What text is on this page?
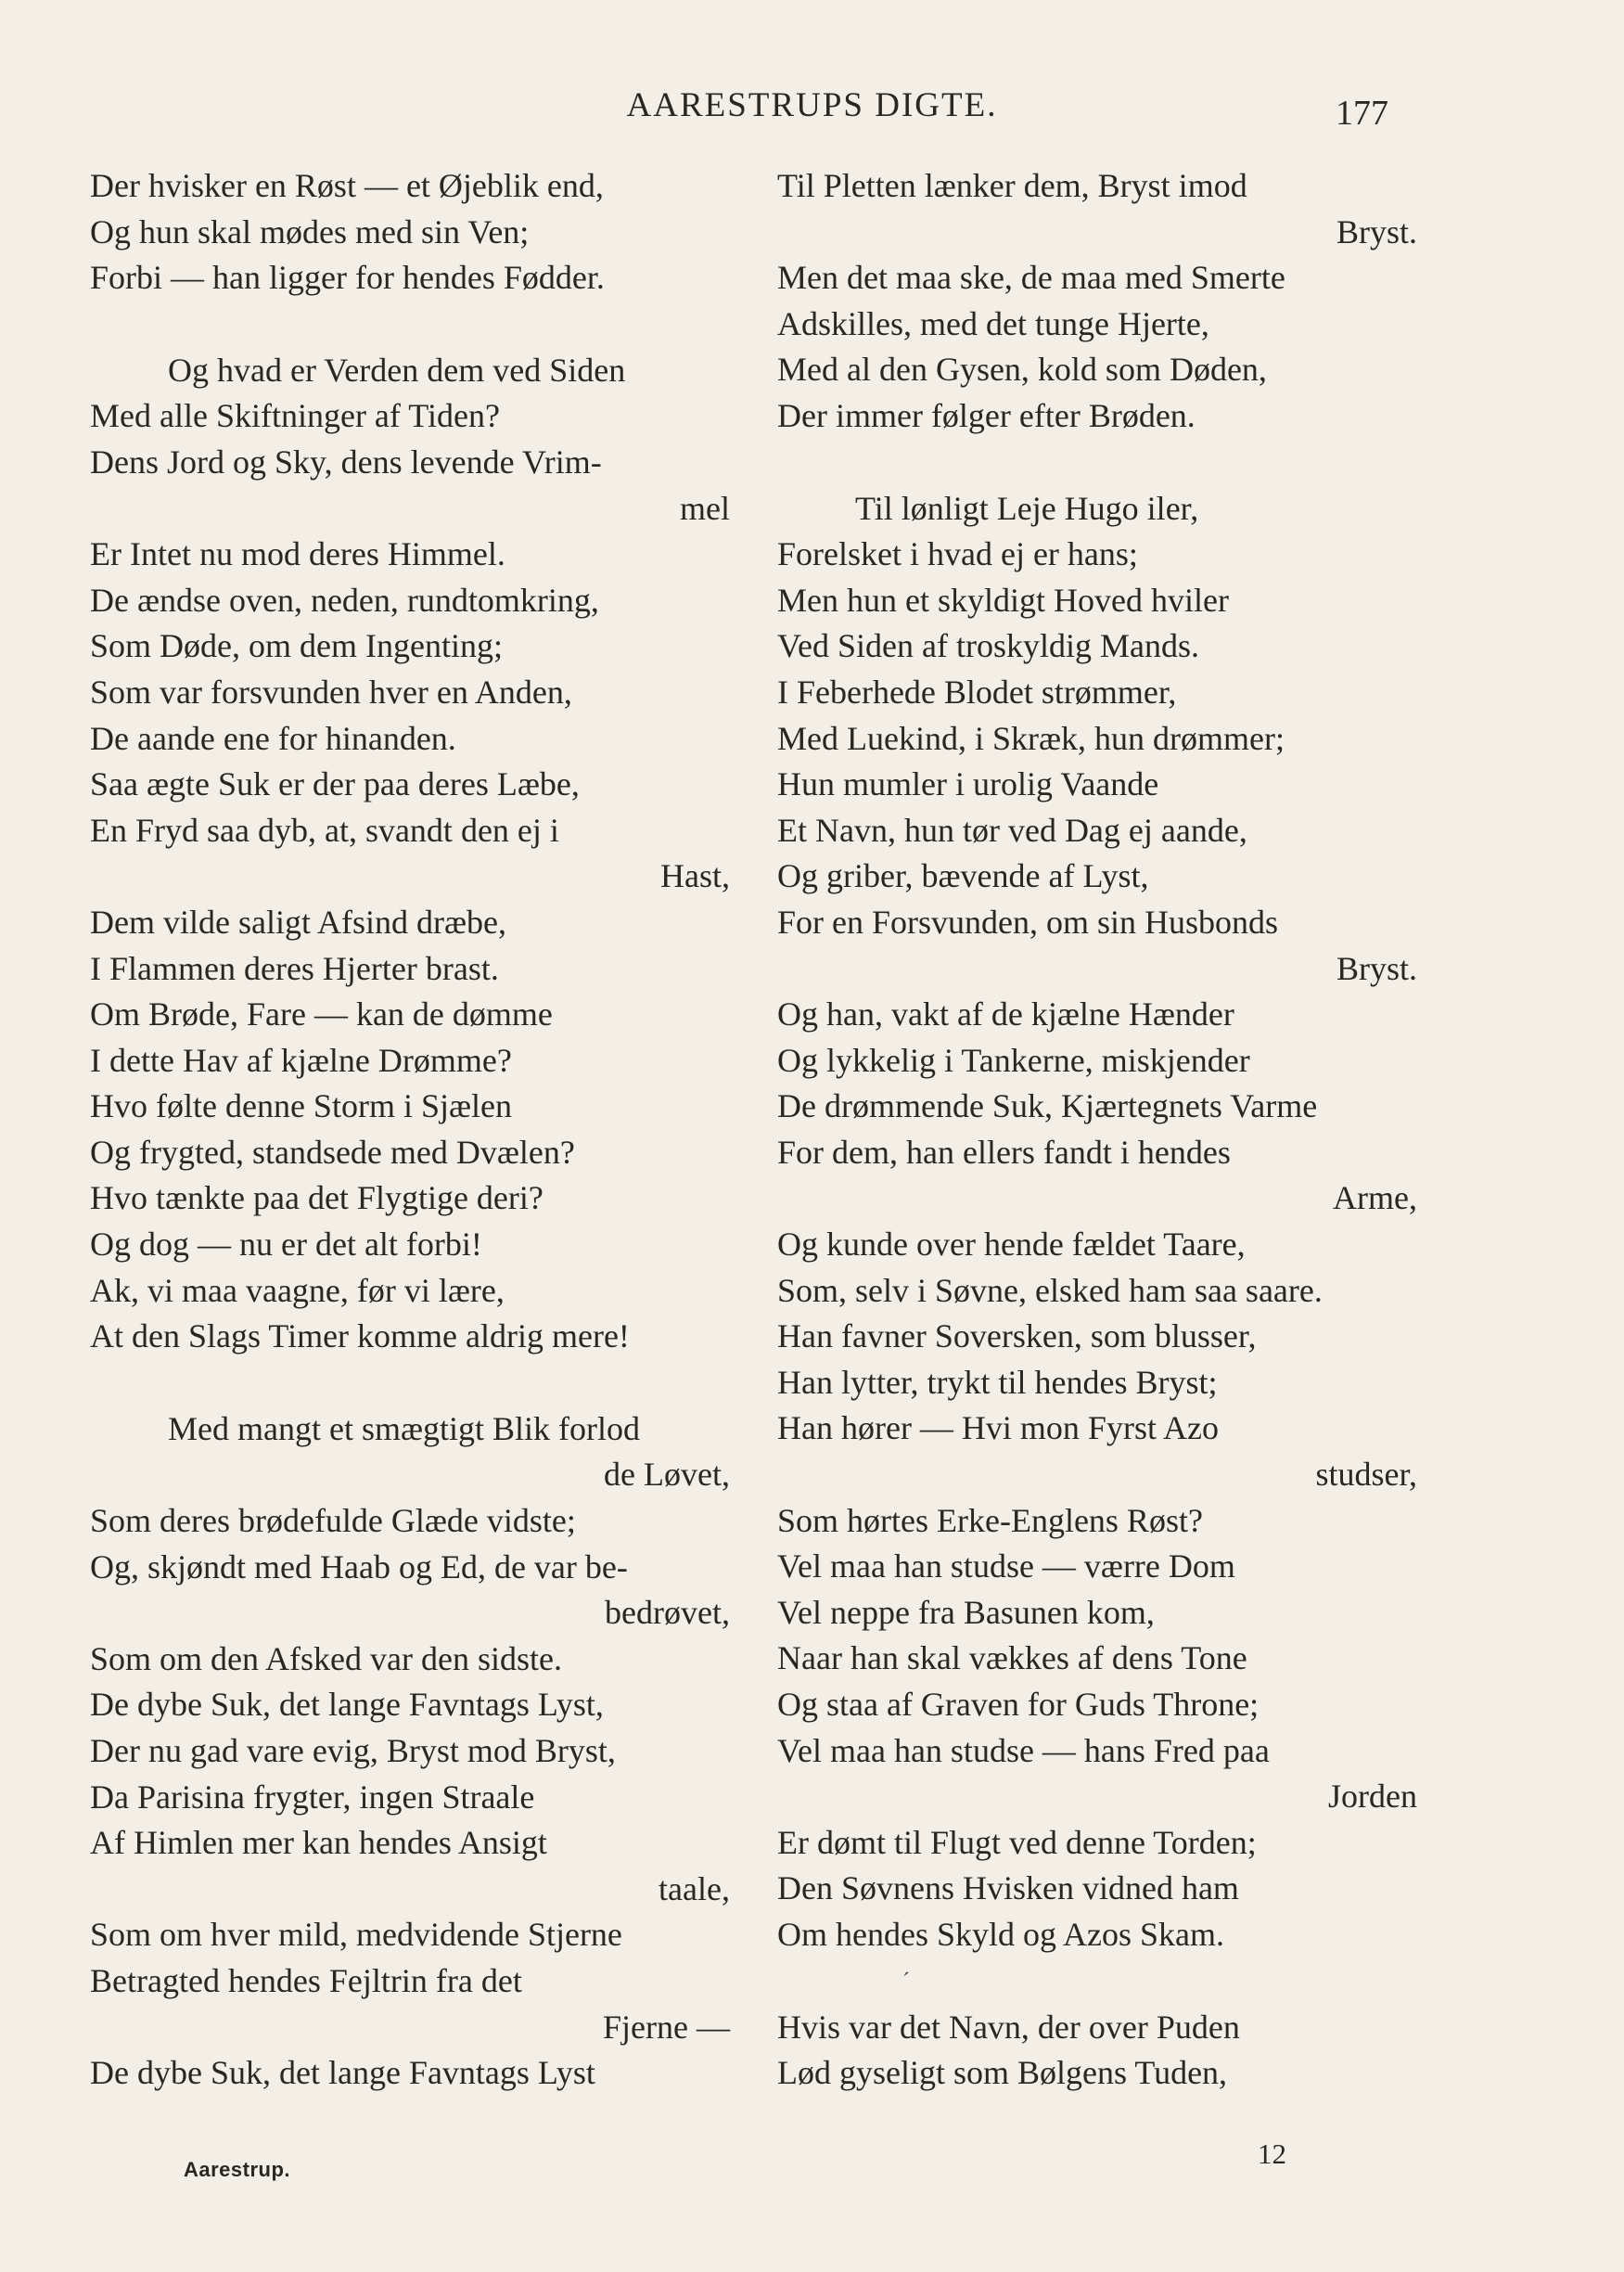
AARESTRUPS DIGTE.	177
Der hvisker en Røst — et Øjeblik end,
Og hun skal mødes med sin Ven;
Forbi — han ligger for hendes Fødder.
Og hvad er Verden dem ved Siden
Med alle Skiftninger af Tiden?
Dens Jord og Sky, dens levende Vrim-
mel
Er Intet nu mod deres Himmel.
De ændse oven, neden, rundtomkring,
Som Døde, om dem Ingenting;
Som var forsvunden hver en Anden,
De aande ene for hinanden.
Saa ægte Suk er der paa deres Læbe,
En Fryd saa dyb, at, svandt den ej i
Hast,
Dem vilde saligt Afsind dræbe,
I Flammen deres Hjerter brast.
Om Brøde, Fare — kan de dømme
I dette Hav af kjælne Drømme?
Hvo følte denne Storm i Sjælen
Og frygted, standsede med Dvælen?
Hvo tænkte paa det Flygtige deri?
Og dog — nu er det alt forbi!
Ak, vi maa vaagne, før vi lære,
At den Slags Timer komme aldrig mere!
Med mangt et smægtigt Blik forlod
de Løvet,
Som deres brødefulde Glæde vidste;
Og, skjøndt med Haab og Ed, de var be-
bedrøvet,
Som om den Afsked var den sidste.
De dybe Suk, det lange Favntags Lyst,
Der nu gad vare evig, Bryst mod Bryst,
Da Parisina frygter, ingen Straale
Af Himlen mer kan hendes Ansigt
taale,
Som om hver mild, medvidende Stjerne
Betragted hendes Fejltrin fra det
Fjerne —
De dybe Suk, det lange Favntags Lyst
Til Pletten lænker dem, Bryst imod
Bryst.
Men det maa ske, de maa med Smerte
Adskilles, med det tunge Hjerte,
Med al den Gysen, kold som Døden,
Der immer følger efter Brøden.
Til lønligt Leje Hugo iler,
Forelsket i hvad ej er hans;
Men hun et skyldigt Hoved hviler
Ved Siden af troskyldig Mands.
I Feberhede Blodet strømmer,
Med Luekind, i Skræk, hun drømmer;
Hun mumler i urolig Vaande
Et Navn, hun tør ved Dag ej aande,
Og griber, bævende af Lyst,
For en Forsvunden, om sin Husbonds
Bryst.
Og han, vakt af de kjælne Hænder
Og lykkelig i Tankerne, miskjender
De drømmende Suk, Kjærtegnets Varme
For dem, han ellers fandt i hendes
Arme,
Og kunde over hende fældet Taare,
Som, selv i Søvne, elsked ham saa saare.
Han favner Soversken, som blusser,
Han lytter, trykt til hendes Bryst;
Han hører — Hvi mon Fyrst Azo
studser,
Som hørtes Erke-Englens Røst?
Vel maa han studse — værre Dom
Vel neppe fra Basunen kom,
Naar han skal vækkes af dens Tone
Og staa af Graven for Guds Throne;
Vel maa han studse — hans Fred paa
Jorden
Er dømt til Flugt ved denne Torden;
Den Søvnens Hvisken vidned ham
Om hendes Skyld og Azos Skam.
ˊ
Hvis var det Navn, der over Puden
Lød gyseligt som Bølgens Tuden,
Aarestrup.	12
